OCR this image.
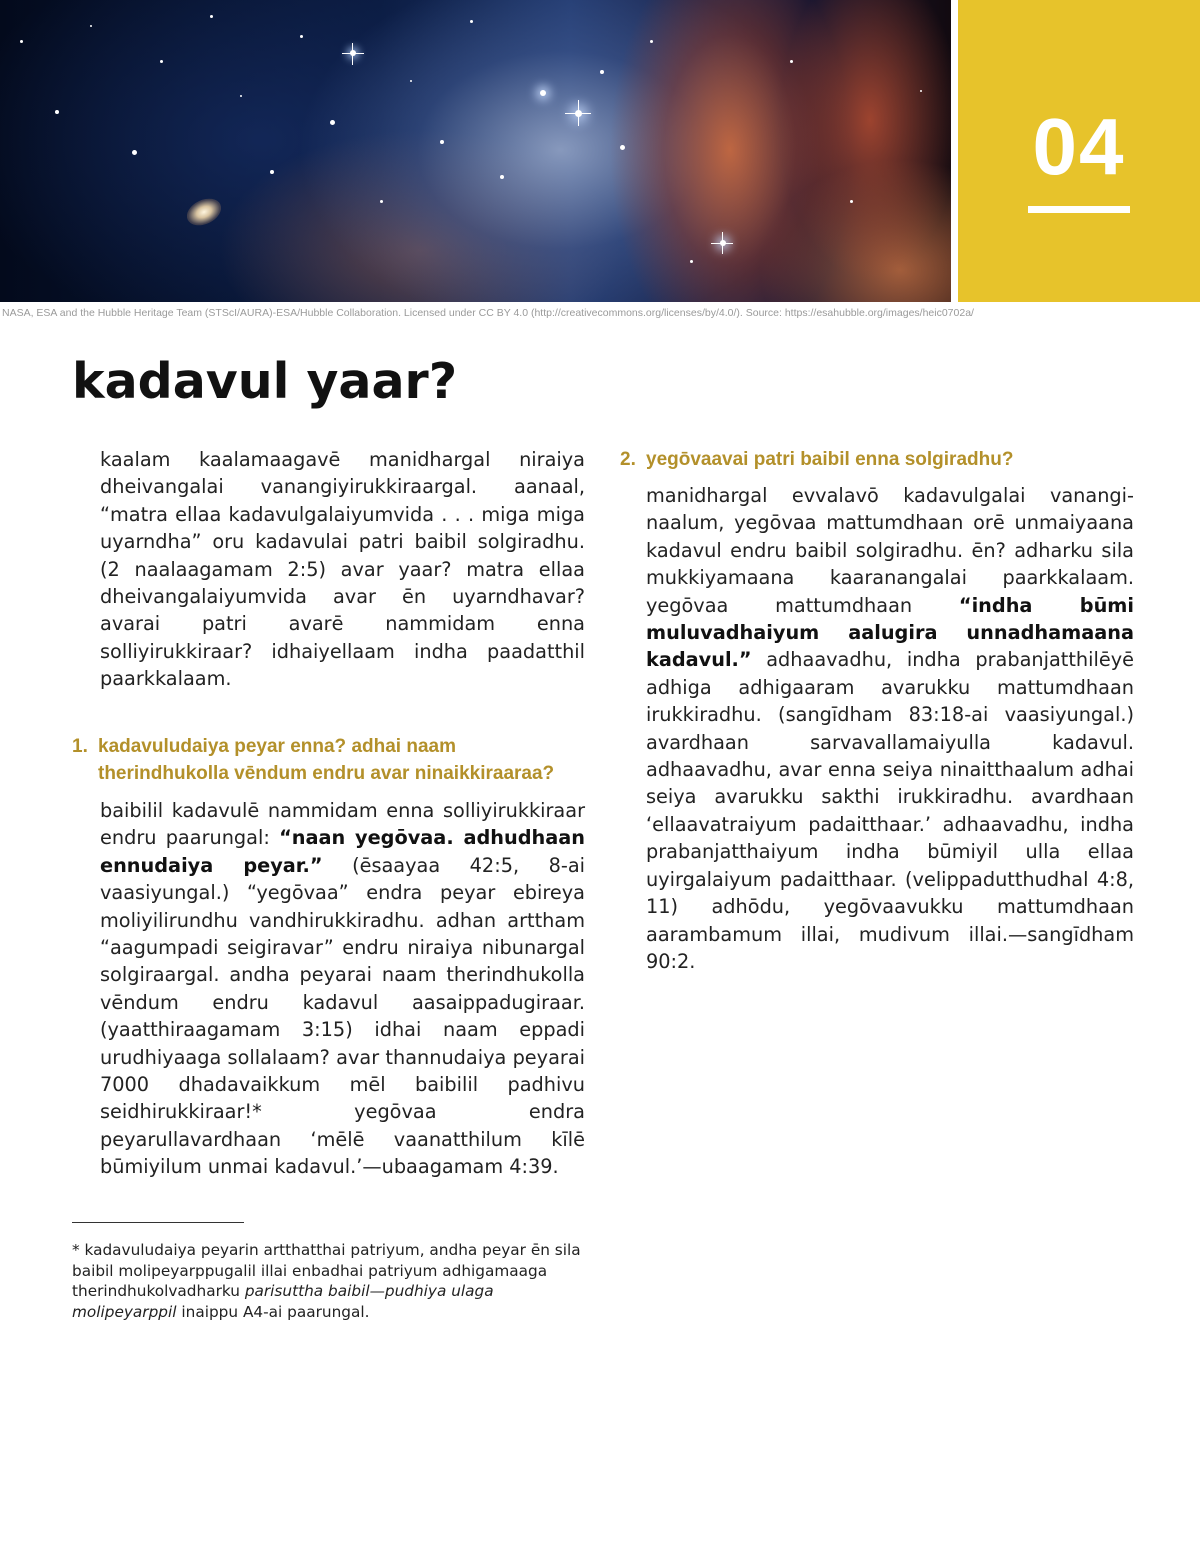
04
NASA, ESA and the Hubble Heritage Team (STScI/AURA)-ESA/Hubble Collaboration. Licensed under CC BY 4.0 (http://creativecommons.org/licenses/by/4.0/). Source: https://esahubble.org/images/heic0702a/
kadavul yaar?

kaalam kaalamaagavē manidhargal niraiya dheivangalai vanangiyirukkiraargal. aanaal, “matra ellaa kadavulgalaiyumvida . . . miga miga uyarndha” oru kadavulai patri baibil solgiradhu. (2 naalaagamam 2:5) avar yaar? matra ellaa dheivangalaiyumvida avar ēn uyarndhavar? avarai patri avarē nammidam enna solliyirukkiraar? idhaiyellaam indha paadatthil paarkkalaam.

1. kadavuludaiya peyar enna? adhai naam therindhukolla vēndum endru avar ninaikkiraaraa?

baibilil kadavulē nammidam enna solliyirukkiraar endru paarungal: “naan yegōvaa. adhudhaan ennudaiya peyar.” (ēsaayaa 42:5, 8-ai vaasiyungal.) “yegōvaa” endra peyar ebireya moliyilirundhu vandhirukkiradhu. adhan arttham “aagumpadi seigiravar” endru niraiya nibunargal solgiraargal. andha peyarai naam therindhukolla vēndum endru kadavul aasaippadugiraar. (yaatthiraagamam 3:15) idhai naam eppadi urudhiyaaga sollalaam? avar thannudaiya peyarai 7000 dhadavaikkum mēl baibilil padhivu seidhirukkiraar!* yegōvaa endra peyarullavardhaan ‘mēlē vaanatthilum kīlē būmiyilum unmai kadavul.’—ubaagamam 4:39.

* kadavuludaiya peyarin artthatthai patriyum, andha peyar ēn sila baibil molipeyarppugalil illai enbadhai patriyum adhigamaaga therindhukolvadharku parisuttha baibil—pudhiya ulaga molipeyarppil inaippu A4-ai paarungal.

2. yegōvaavai patri baibil enna solgiradhu?

manidhargal evvalavō kadavulgalai vananginaalum, yegōvaa mattumdhaan orē unmaiyaana kadavul endru baibil solgiradhu. ēn? adharku sila mukkiyamaana kaaranangalai paarkkalaam. yegōvaa mattumdhaan “indha būmi muluvadhaiyum aalugira unnadhamaana kadavul.” adhaavadhu, indha prabanjatthilēyē adhiga adhigaaram avarukku mattumdhaan irukkiradhu. (sangīdham 83:18-ai vaasiyungal.) avardhaan sarvavallamaiyulla kadavul. adhaavadhu, avar enna seiya ninaitthaalum adhai seiya avarukku sakthi irukkiradhu. avardhaan ‘ellaavatraiyum padaitthaar.’ adhaavadhu, indha prabanjatthaiyum indha būmiyil ulla ellaa uyirgalaiyum padaitthaar. (velippadutthudhal 4:8, 11) adhōdu, yegōvaavukku mattumdhaan aarambamum illai, mudivum illai.—sangīdham 90:2.
